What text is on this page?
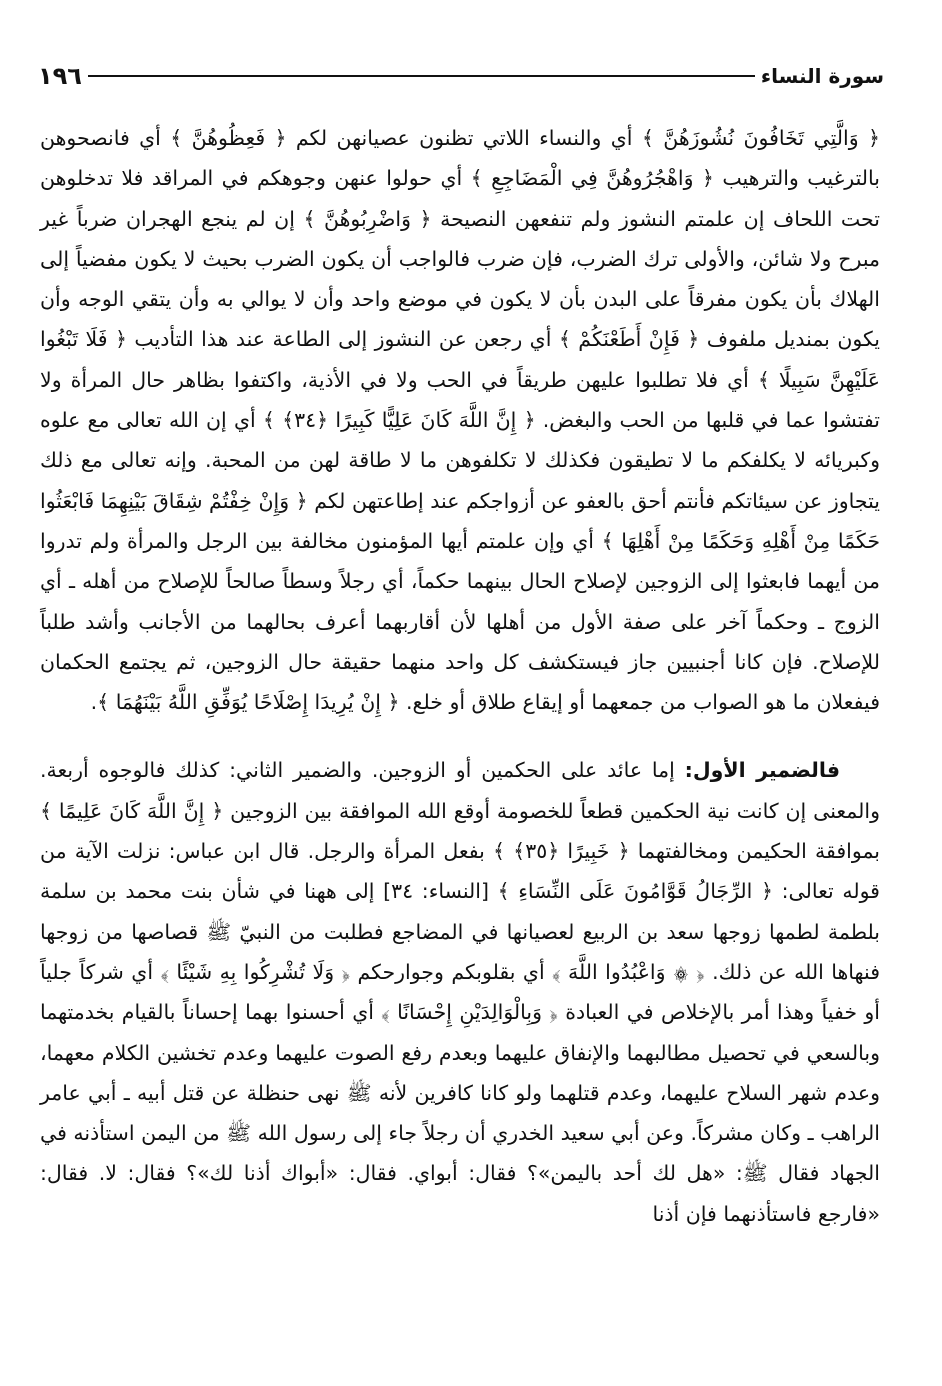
١٩٦	سورة النساء

﴿ وَالَّتِي تَخَافُونَ نُشُوزَهُنَّ ﴾ أي والنساء اللاتي تظنون عصيانهن لكم ﴿ فَعِظُوهُنَّ ﴾ أي فانصحوهن بالترغيب والترهيب ﴿ وَاهْجُرُوهُنَّ فِي الْمَضَاجِعِ ﴾ أي حولوا عنهن وجوهكم في المراقد فلا تدخلوهن تحت اللحاف إن علمتم النشوز ولم تنفعهن النصيحة ﴿ وَاضْرِبُوهُنَّ ﴾ إن لم ينجع الهجران ضرباً غير مبرح ولا شائن، والأولى ترك الضرب، فإن ضرب فالواجب أن يكون الضرب بحيث لا يكون مفضياً إلى الهلاك بأن يكون مفرقاً على البدن بأن لا يكون في موضع واحد وأن لا يوالي به وأن يتقي الوجه وأن يكون بمنديل ملفوف ﴿ فَإِنْ أَطَعْنَكُمْ ﴾ أي رجعن عن النشوز إلى الطاعة عند هذا التأديب ﴿ فَلَا تَبْغُوا عَلَيْهِنَّ سَبِيلًا ﴾ أي فلا تطلبوا عليهن طريقاً في الحب ولا في الأذية، واكتفوا بظاهر حال المرأة ولا تفتشوا عما في قلبها من الحب والبغض. ﴿ إِنَّ اللَّهَ كَانَ عَلِيًّا كَبِيرًا ﴿٣٤﴾ ﴾ أي إن الله تعالى مع علوه وكبريائه لا يكلفكم ما لا تطيقون فكذلك لا تكلفوهن ما لا طاقة لهن من المحبة. وإنه تعالى مع ذلك يتجاوز عن سيئاتكم فأنتم أحق بالعفو عن أزواجكم عند إطاعتهن لكم ﴿ وَإِنْ خِفْتُمْ شِقَاقَ بَيْنِهِمَا فَابْعَثُوا حَكَمًا مِنْ أَهْلِهِ وَحَكَمًا مِنْ أَهْلِهَا ﴾ أي وإن علمتم أيها المؤمنون مخالفة بين الرجل والمرأة ولم تدروا من أيهما فابعثوا إلى الزوجين لإصلاح الحال بينهما حكماً، أي رجلاً وسطاً صالحاً للإصلاح من أهله ـ أي الزوج ـ وحكماً آخر على صفة الأول من أهلها لأن أقاربهما أعرف بحالهما من الأجانب وأشد طلباً للإصلاح. فإن كانا أجنبيين جاز فيستكشف كل واحد منهما حقيقة حال الزوجين، ثم يجتمع الحكمان فيفعلان ما هو الصواب من جمعهما أو إيقاع طلاق أو خلع. ﴿ إِنْ يُرِيدَا إِصْلَاحًا يُوَفِّقِ اللَّهُ بَيْنَهُمَا ﴾.

فالضمير الأول: إما عائد على الحكمين أو الزوجين. والضمير الثاني: كذلك فالوجوه أربعة. والمعنى إن كانت نية الحكمين قطعاً للخصومة أوقع الله الموافقة بين الزوجين ﴿ إِنَّ اللَّهَ كَانَ عَلِيمًا ﴾ بموافقة الحكيمن ومخالفتهما ﴿ خَبِيرًا ﴿٣٥﴾ ﴾ بفعل المرأة والرجل. قال ابن عباس: نزلت الآية من قوله تعالى: ﴿ الرِّجَالُ قَوَّامُونَ عَلَى النِّسَاءِ ﴾ [النساء: ٣٤] إلى ههنا في شأن بنت محمد بن سلمة بلطمة لطمها زوجها سعد بن الربيع لعصيانها في المضاجع فطلبت من النبيّ ﷺ قصاصها من زوجها فنهاها الله عن ذلك. ﴿ ۞ وَاعْبُدُوا اللَّهَ ﴾ أي بقلوبكم وجوارحكم ﴿ وَلَا تُشْرِكُوا بِهِ شَيْئًا ﴾ أي شركاً جلياً أو خفياً وهذا أمر بالإخلاص في العبادة ﴿ وَبِالْوَالِدَيْنِ إِحْسَانًا ﴾ أي أحسنوا بهما إحساناً بالقيام بخدمتهما وبالسعي في تحصيل مطالبهما والإنفاق عليهما وبعدم رفع الصوت عليهما وعدم تخشين الكلام معهما، وعدم شهر السلاح عليهما، وعدم قتلهما ولو كانا كافرين لأنه ﷺ نهى حنظلة عن قتل أبيه ـ أبي عامر الراهب ـ وكان مشركاً. وعن أبي سعيد الخدري أن رجلاً جاء إلى رسول الله ﷺ من اليمن استأذنه في الجهاد فقال ﷺ: «هل لك أحد باليمن»؟ فقال: أبواي. فقال: «أبواك أذنا لك»؟ فقال: لا. فقال: «فارجع فاستأذنهما فإن أذنا
